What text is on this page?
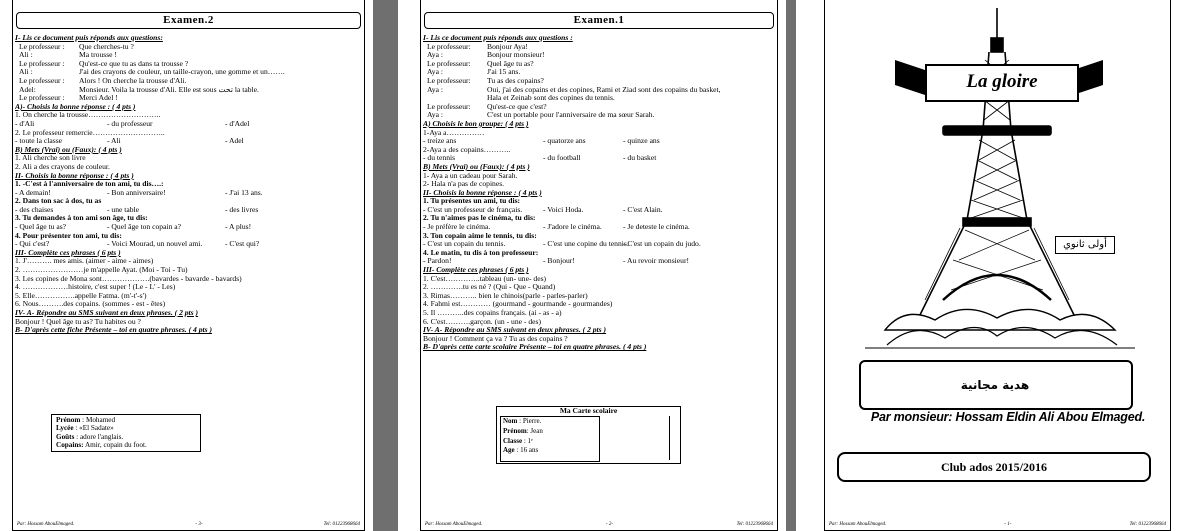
Examen.2
I- Lis ce document puis réponds aux questions:
Le professeur : Que cherches-tu ?
Ali :	Ma trousse !
Le professeur : Qu'est-ce que tu as dans ta trousse ?
Ali :	J'ai des crayons de couleur, un taille-crayon, une gomme et un…….
Le professeur : Alors ! On cherche la trousse d'Ali.
Adel:	Monsieur. Voila la trousse d'Ali. Elle est sous تحت la table.
Le professeur : Merci Adel !
A)- Choisis la bonne réponse : ( 4 pts )
1. On cherche la trousse………………………..
- d'Ali	- du professeur	- d'Adel
2. Le professeur remercie………………………..
- toute la classe	- Ali	- Adel
B) Mets (Vrai) ou (Faux): ( 4 pts )
1. Ali cherche son livre
2. Ali a des crayons de couleur.
II- Choisis la bonne réponse : ( 4 pts )
1. -C'est à l'anniversaire de ton ami, tu dis….:
- A demain!	- Bon anniversaire!	- J'ai 13 ans.
2. Dans ton sac à dos, tu as
- des chaises	- une table	- des livres
3. Tu demandes à ton ami son âge, tu dis:
- Quel âge tu as?	- Quel âge ton copain a?	- A plus!
4. Pour présenter ton ami, tu dis:
- Qui c'est?	- Voici Mourad, un nouvel ami.	- C'est qui?
III- Complète ces phrases ( 6 pts )
1. J'………. mes amis. (aimer - aime - aimes)
2. ……………………je m'appelle Ayat. (Moi - Toi - Tu)
3. Les copines de Mona sont……………….(bavardes - bavarde - bavards)
4. ………………histoire, c'est super ! (Le - L' - Les)
5. Elle…………….appelle Fatma. (m'-t'-s')
6. Nous……….des copains. (sommes - est - êtes)
IV- A- Répondre au SMS suivant en deux phrases. ( 2 pts )
Bonjour ! Quel âge tu as? Tu habites ou ?
B- D'après cette fiche Présente – toi en quatre phrases. ( 4 pts )
Prénom : Mohamed
Lycée : «El Sadate»
Goûts : adore l'anglais.
Copains: Amir, copain du foot.
Par: Hossam AbouElmaged.	- 3-	Tel: 01223968664
Examen.1
I- Lis ce document puis réponds aux questions :
Le professeur: Bonjour Aya!
Aya :	Bonjour monsieur!
Le professeur: Quel âge tu as?
Aya :	J'ai 15 ans.
Le professeur: Tu as des copains?
Aya :	Oui, j'ai des copains et des copines, Rami et Ziad sont des copains du basket,
Hala et Zeinab sont des copines du tennis.
Le professeur: Qu'est-ce que c'est?
Aya :	C'est un portable pour l'anniversaire de ma sœur Sarah.
A) Choisis le bon groupe: ( 4 pts )
1-Aya a……………
- treize ans	- quatorze ans	- quinze ans
2-Aya a des copains………..
- du tennis	- du football	- du basket
B) Mets (Vrai) ou (Faux): ( 4 pts )
1- Aya a un cadeau pour Sarah.
2- Hala n'a pas de copines.
II- Choisis la bonne réponse : ( 4 pts )
1. Tu présentes un ami, tu dis:
- C'est un professeur de français.	- Voici Hoda.	- C'est Alain.
2. Tu n'aimes pas le cinéma, tu dis:
- Je préfère le cinéma.	- J'adore le cinéma.	- Je deteste le cinéma.
3. Ton copain aime le tennis, tu dis:
- C'est un copain du tennis.	- C'est une copine du tennis.- C'est un copain du judo.
4. Le matin, tu dis à ton professeur:
- Pardon!	- Bonjour!	- Au revoir monsieur!
III- Complète ces phrases ( 6 pts )
1. C'est…………..tableau (un- une- des)
2. ………….tu es né ? (Qui - Que - Quand)
3. Rimas……….. bien le chinois(parle - parles-parler)
4. Fahmi est………… (gourmand - gourmande - gourmandes)
5. Il ………..des copains français. (ai - as - a)
6. C'est……….garçon. (un - une - des)
IV- A- Répondre au SMS suivant en deux phrases. ( 2 pts )
Bonjour ! Comment ça va ? Tu as des copains ?
B- D'après cette carte scolaire Présente – toi en quatre phrases. ( 4 pts )
Ma Carte scolaire
Nom : Pierre.
Prénom: Jean
Classe : 1ᵉ
Age : 16 ans
Par: Hossam AbouElmaged.	- 2-	Tel: 01223968664
La gloire
أولى ثانوي
هدية مجانية
Par monsieur: Hossam Eldin Ali Abou Elmaged.
Club ados 2015/2016
Par: Hossam AbouElmaged.	- 1-	Tel: 01223968664
